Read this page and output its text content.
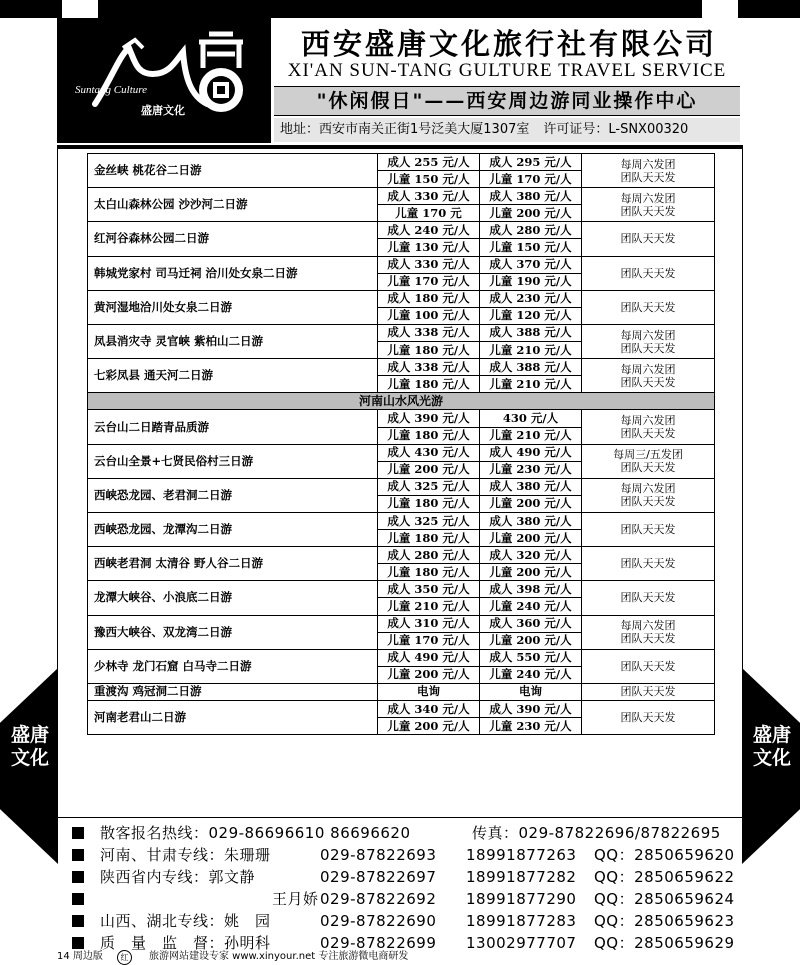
Suntang Culture
盛唐文化
西安盛唐文化旅行社有限公司
XI'AN SUN-TANG GULTURE TRAVEL SERVICE
"休闲假日"——西安周边游同业操作中心
地址：西安市南关正街1号泛美大厦1307室 许可证号：L-SNX00320
金丝峡 桃花谷二日游	成人 255 元/人	成人 295 元/人	每周六发团
团队天天发
	儿童 150 元/人	儿童 170 元/人	
太白山森林公园 沙沙河二日游	成人 330 元/人	成人 380 元/人	每周六发团
团队天天发
	儿童 170 元	儿童 200 元/人	
红河谷森林公园二日游	成人 240 元/人	成人 280 元/人	团队天天发
	儿童 130 元/人	儿童 150 元/人	
韩城党家村 司马迁祠 洽川处女泉二日游	成人 330 元/人	成人 370 元/人	团队天天发
	儿童 170 元/人	儿童 190 元/人	
黄河湿地洽川处女泉二日游	成人 180 元/人	成人 230 元/人	团队天天发
	儿童 100 元/人	儿童 120 元/人	
凤县消灾寺 灵官峡 紫柏山二日游	成人 338 元/人	成人 388 元/人	每周六发团
团队天天发
	儿童 180 元/人	儿童 210 元/人	
七彩凤县 通天河二日游	成人 338 元/人	成人 388 元/人	每周六发团
团队天天发
	儿童 180 元/人	儿童 210 元/人	
河南山水风光游			
云台山二日踏青品质游	成人 390 元/人	430 元/人	每周六发团
团队天天发
	儿童 180 元/人	儿童 210 元/人	
云台山全景+七贤民俗村三日游	成人 430 元/人	成人 490 元/人	每周三/五发团
团队天天发
	儿童 200 元/人	儿童 230 元/人	
西峡恐龙园、老君洞二日游	成人 325 元/人	成人 380 元/人	每周六发团
团队天天发
	儿童 180 元/人	儿童 200 元/人	
西峡恐龙园、龙潭沟二日游	成人 325 元/人	成人 380 元/人	团队天天发
	儿童 180 元/人	儿童 200 元/人	
西峡老君洞 太清谷 野人谷二日游	成人 280 元/人	成人 320 元/人	团队天天发
	儿童 180 元/人	儿童 200 元/人	
龙潭大峡谷、小浪底二日游	成人 350 元/人	成人 398 元/人	团队天天发
	儿童 210 元/人	儿童 240 元/人	
豫西大峡谷、双龙湾二日游	成人 310 元/人	成人 360 元/人	每周六发团
团队天天发
	儿童 170 元/人	儿童 200 元/人	
少林寺 龙门石窟 白马寺二日游	成人 490 元/人	成人 550 元/人	团队天天发
	儿童 200 元/人	儿童 240 元/人	
重渡沟 鸡冠洞二日游	电询	电询	团队天天发
河南老君山二日游	成人 340 元/人	成人 390 元/人	团队天天发
	儿童 200 元/人	儿童 230 元/人	
盛唐文化
盛唐文化
散客报名热线：029-86696610 86696620	传真：029-87822696/87822695
河南、甘肃专线：朱珊珊	029-87822693 18991877263 QQ：2850659620
陕西省内专线：郭文静	029-87822697 18991877282 QQ：2850659622
王月娇 029-87822692 18991877290 QQ：2850659624
山西、湖北专线：姚　园	029-87822690 18991877283 QQ：2850659623
质　量　监　督：孙明科	029-87822699 13002977707 QQ：2850659629
14 周边版	红	旅游网站建设专家 www.xinyour.net 专注旅游微电商研发
